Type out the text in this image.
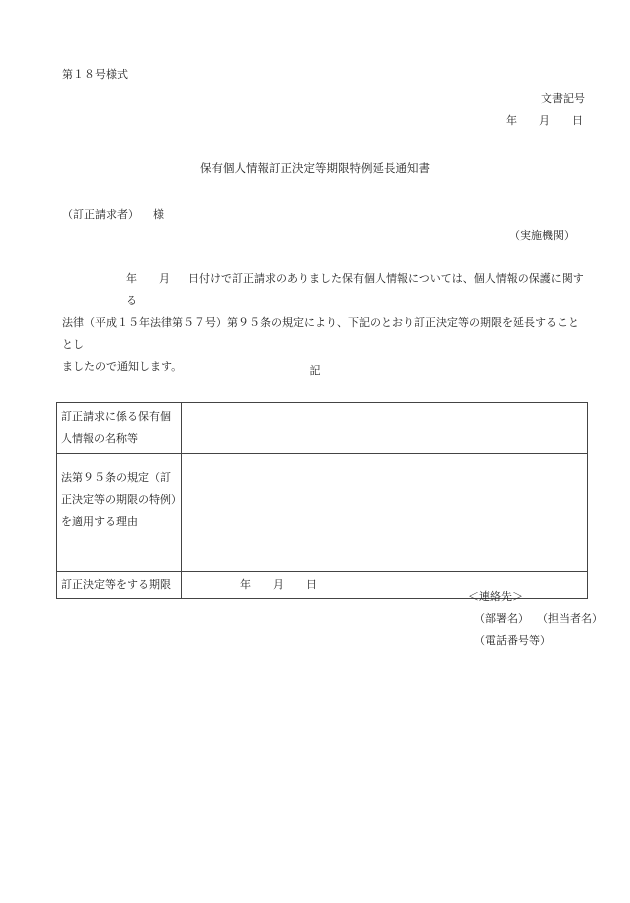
第１８号様式
文書記号
年 月 日
保有個人情報訂正決定等期限特例延長通知書
（訂正請求者） 様
（実施機関）

年 月 日付けで訂正請求のありました保有個人情報については、個人情報の保護に関する

法律（平成１５年法律第５７号）第９５条の規定により、下記のとおり訂正決定等の期限を延長することとし

ましたので通知します。	記
訂正請求に係る保有個人情報の名称等	
法第９５条の規定（訂正決定等の期限の特例）を適用する理由	
訂正決定等をする期限	年 月 日
＜連絡先＞
（部署名） （担当者名）
（電話番号等）
